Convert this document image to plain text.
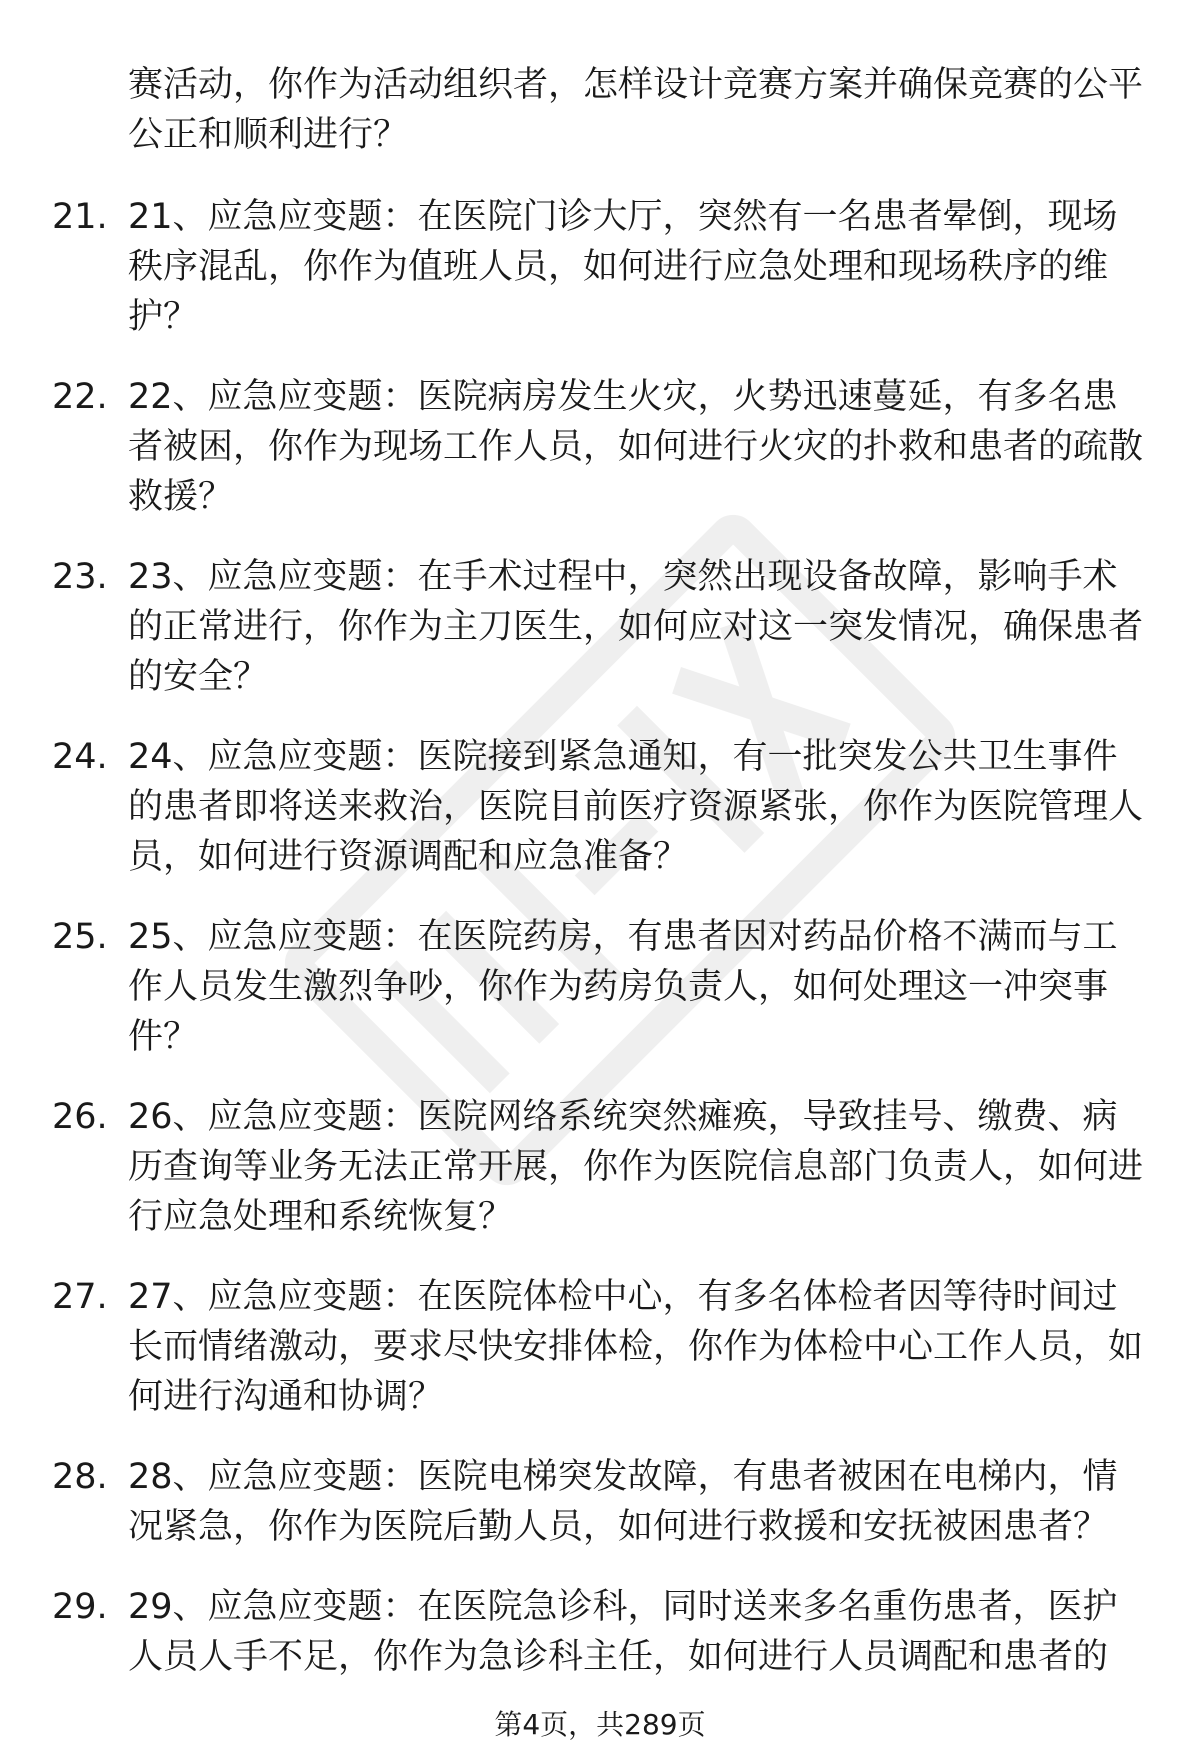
赛活动，你作为活动组织者，怎样设计竞赛方案并确保竞赛的公平公正和顺利进行？

21. 21、应急应变题：在医院门诊大厅，突然有一名患者晕倒，现场秩序混乱，你作为值班人员，如何进行应急处理和现场秩序的维护？
22. 22、应急应变题：医院病房发生火灾，火势迅速蔓延，有多名患者被困，你作为现场工作人员，如何进行火灾的扑救和患者的疏散救援？
23. 23、应急应变题：在手术过程中，突然出现设备故障，影响手术的正常进行，你作为主刀医生，如何应对这一突发情况，确保患者的安全？
24. 24、应急应变题：医院接到紧急通知，有一批突发公共卫生事件的患者即将送来救治，医院目前医疗资源紧张，你作为医院管理人员，如何进行资源调配和应急准备？
25. 25、应急应变题：在医院药房，有患者因对药品价格不满而与工作人员发生激烈争吵，你作为药房负责人，如何处理这一冲突事件？
26. 26、应急应变题：医院网络系统突然瘫痪，导致挂号、缴费、病历查询等业务无法正常开展，你作为医院信息部门负责人，如何进行应急处理和系统恢复？
27. 27、应急应变题：在医院体检中心，有多名体检者因等待时间过长而情绪激动，要求尽快安排体检，你作为体检中心工作人员，如何进行沟通和协调？
28. 28、应急应变题：医院电梯突发故障，有患者被困在电梯内，情况紧急，你作为医院后勤人员，如何进行救援和安抚被困患者？
29. 29、应急应变题：在医院急诊科，同时送来多名重伤患者，医护人员人手不足，你作为急诊科主任，如何进行人员调配和患者的
第4页，共289页
